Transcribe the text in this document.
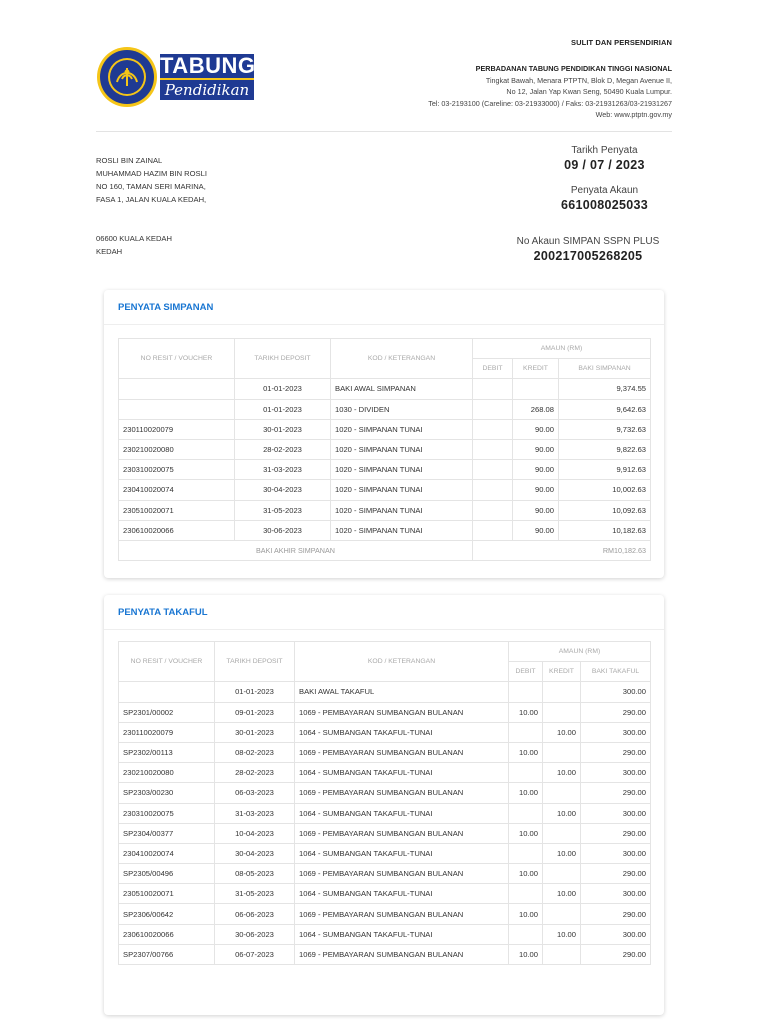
SULIT DAN PERSENDIRIAN
TABUNG
Pendidikan
PERBADANAN TABUNG PENDIDIKAN TINGGI NASIONAL
Tingkat Bawah, Menara PTPTN, Blok D, Megan Avenue II,
No 12, Jalan Yap Kwan Seng, 50490 Kuala Lumpur.
Tel: 03-2193100 (Careline: 03-21933000) / Faks: 03-21931263/03-21931267
Web: www.ptptn.gov.my
ROSLI BIN ZAINAL
MUHAMMAD HAZIM BIN ROSLI
NO 160, TAMAN SERI MARINA,
FASA 1, JALAN KUALA KEDAH,
06600 KUALA KEDAH
KEDAH
Tarikh Penyata
09 / 07 / 2023
Penyata Akaun
661008025033
No Akaun SIMPAN SSPN PLUS
200217005268205
PENYATA SIMPANAN
NO RESIT / VOUCHER	TARIKH DEPOSIT	KOD / KETERANGAN	AMAUN (RM)		
			DEBIT	KREDIT	BAKI SIMPANAN
	01-01-2023	BAKI AWAL SIMPANAN			9,374.55
	01-01-2023	1030 - DIVIDEN		268.08	9,642.63
230110020079	30-01-2023	1020 - SIMPANAN TUNAI		90.00	9,732.63
230210020080	28-02-2023	1020 - SIMPANAN TUNAI		90.00	9,822.63
230310020075	31-03-2023	1020 - SIMPANAN TUNAI		90.00	9,912.63
230410020074	30-04-2023	1020 - SIMPANAN TUNAI		90.00	10,002.63
230510020071	31-05-2023	1020 - SIMPANAN TUNAI		90.00	10,092.63
230610020066	30-06-2023	1020 - SIMPANAN TUNAI		90.00	10,182.63
BAKI AKHIR SIMPANAN			RM10,182.63		
PENYATA TAKAFUL
NO RESIT / VOUCHER	TARIKH DEPOSIT	KOD / KETERANGAN	AMAUN (RM)		
			DEBIT	KREDIT	BAKI TAKAFUL
	01-01-2023	BAKI AWAL TAKAFUL			300.00
SP2301/00002	09-01-2023	1069 - PEMBAYARAN SUMBANGAN BULANAN	10.00		290.00
230110020079	30-01-2023	1064 - SUMBANGAN TAKAFUL-TUNAI		10.00	300.00
SP2302/00113	08-02-2023	1069 - PEMBAYARAN SUMBANGAN BULANAN	10.00		290.00
230210020080	28-02-2023	1064 - SUMBANGAN TAKAFUL-TUNAI		10.00	300.00
SP2303/00230	06-03-2023	1069 - PEMBAYARAN SUMBANGAN BULANAN	10.00		290.00
230310020075	31-03-2023	1064 - SUMBANGAN TAKAFUL-TUNAI		10.00	300.00
SP2304/00377	10-04-2023	1069 - PEMBAYARAN SUMBANGAN BULANAN	10.00		290.00
230410020074	30-04-2023	1064 - SUMBANGAN TAKAFUL-TUNAI		10.00	300.00
SP2305/00496	08-05-2023	1069 - PEMBAYARAN SUMBANGAN BULANAN	10.00		290.00
230510020071	31-05-2023	1064 - SUMBANGAN TAKAFUL-TUNAI		10.00	300.00
SP2306/00642	06-06-2023	1069 - PEMBAYARAN SUMBANGAN BULANAN	10.00		290.00
230610020066	30-06-2023	1064 - SUMBANGAN TAKAFUL-TUNAI		10.00	300.00
SP2307/00766	06-07-2023	1069 - PEMBAYARAN SUMBANGAN BULANAN	10.00		290.00
